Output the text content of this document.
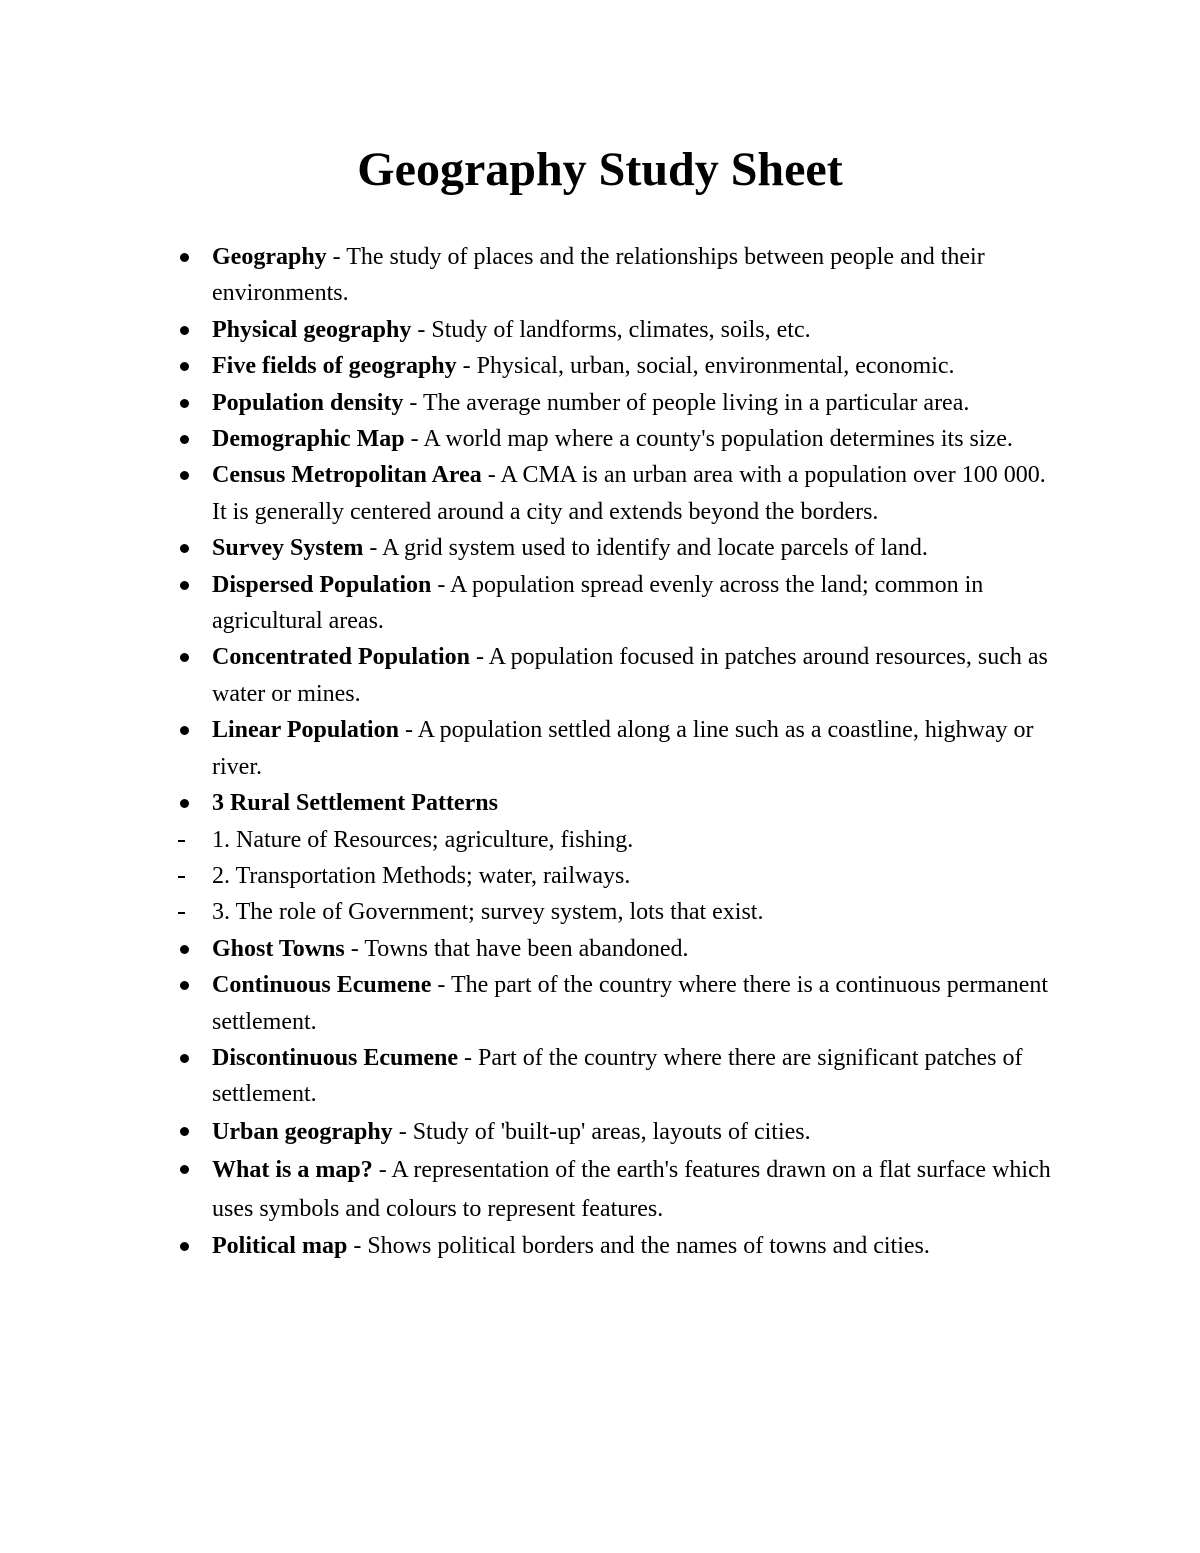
Geography Study Sheet
Geography - The study of places and the relationships between people and their environments.
Physical geography - Study of landforms, climates, soils, etc.
Five fields of geography - Physical, urban, social, environmental, economic.
Population density - The average number of people living in a particular area.
Demographic Map - A world map where a county's population determines its size.
Census Metropolitan Area - A CMA is an urban area with a population over 100 000. It is generally centered around a city and extends beyond the borders.
Survey System - A grid system used to identify and locate parcels of land.
Dispersed Population - A population spread evenly across the land; common in agricultural areas.
Concentrated Population - A population focused in patches around resources, such as water or mines.
Linear Population - A population settled along a line such as a coastline, highway or river.
3 Rural Settlement Patterns
1. Nature of Resources; agriculture, fishing.
2. Transportation Methods; water, railways.
3. The role of Government; survey system, lots that exist.
Ghost Towns - Towns that have been abandoned.
Continuous Ecumene - The part of the country where there is a continuous permanent settlement.
Discontinuous Ecumene - Part of the country where there are significant patches of settlement.
Urban geography - Study of 'built-up' areas, layouts of cities.
What is a map? - A representation of the earth's features drawn on a flat surface which uses symbols and colours to represent features.
Political map - Shows political borders and the names of towns and cities.
